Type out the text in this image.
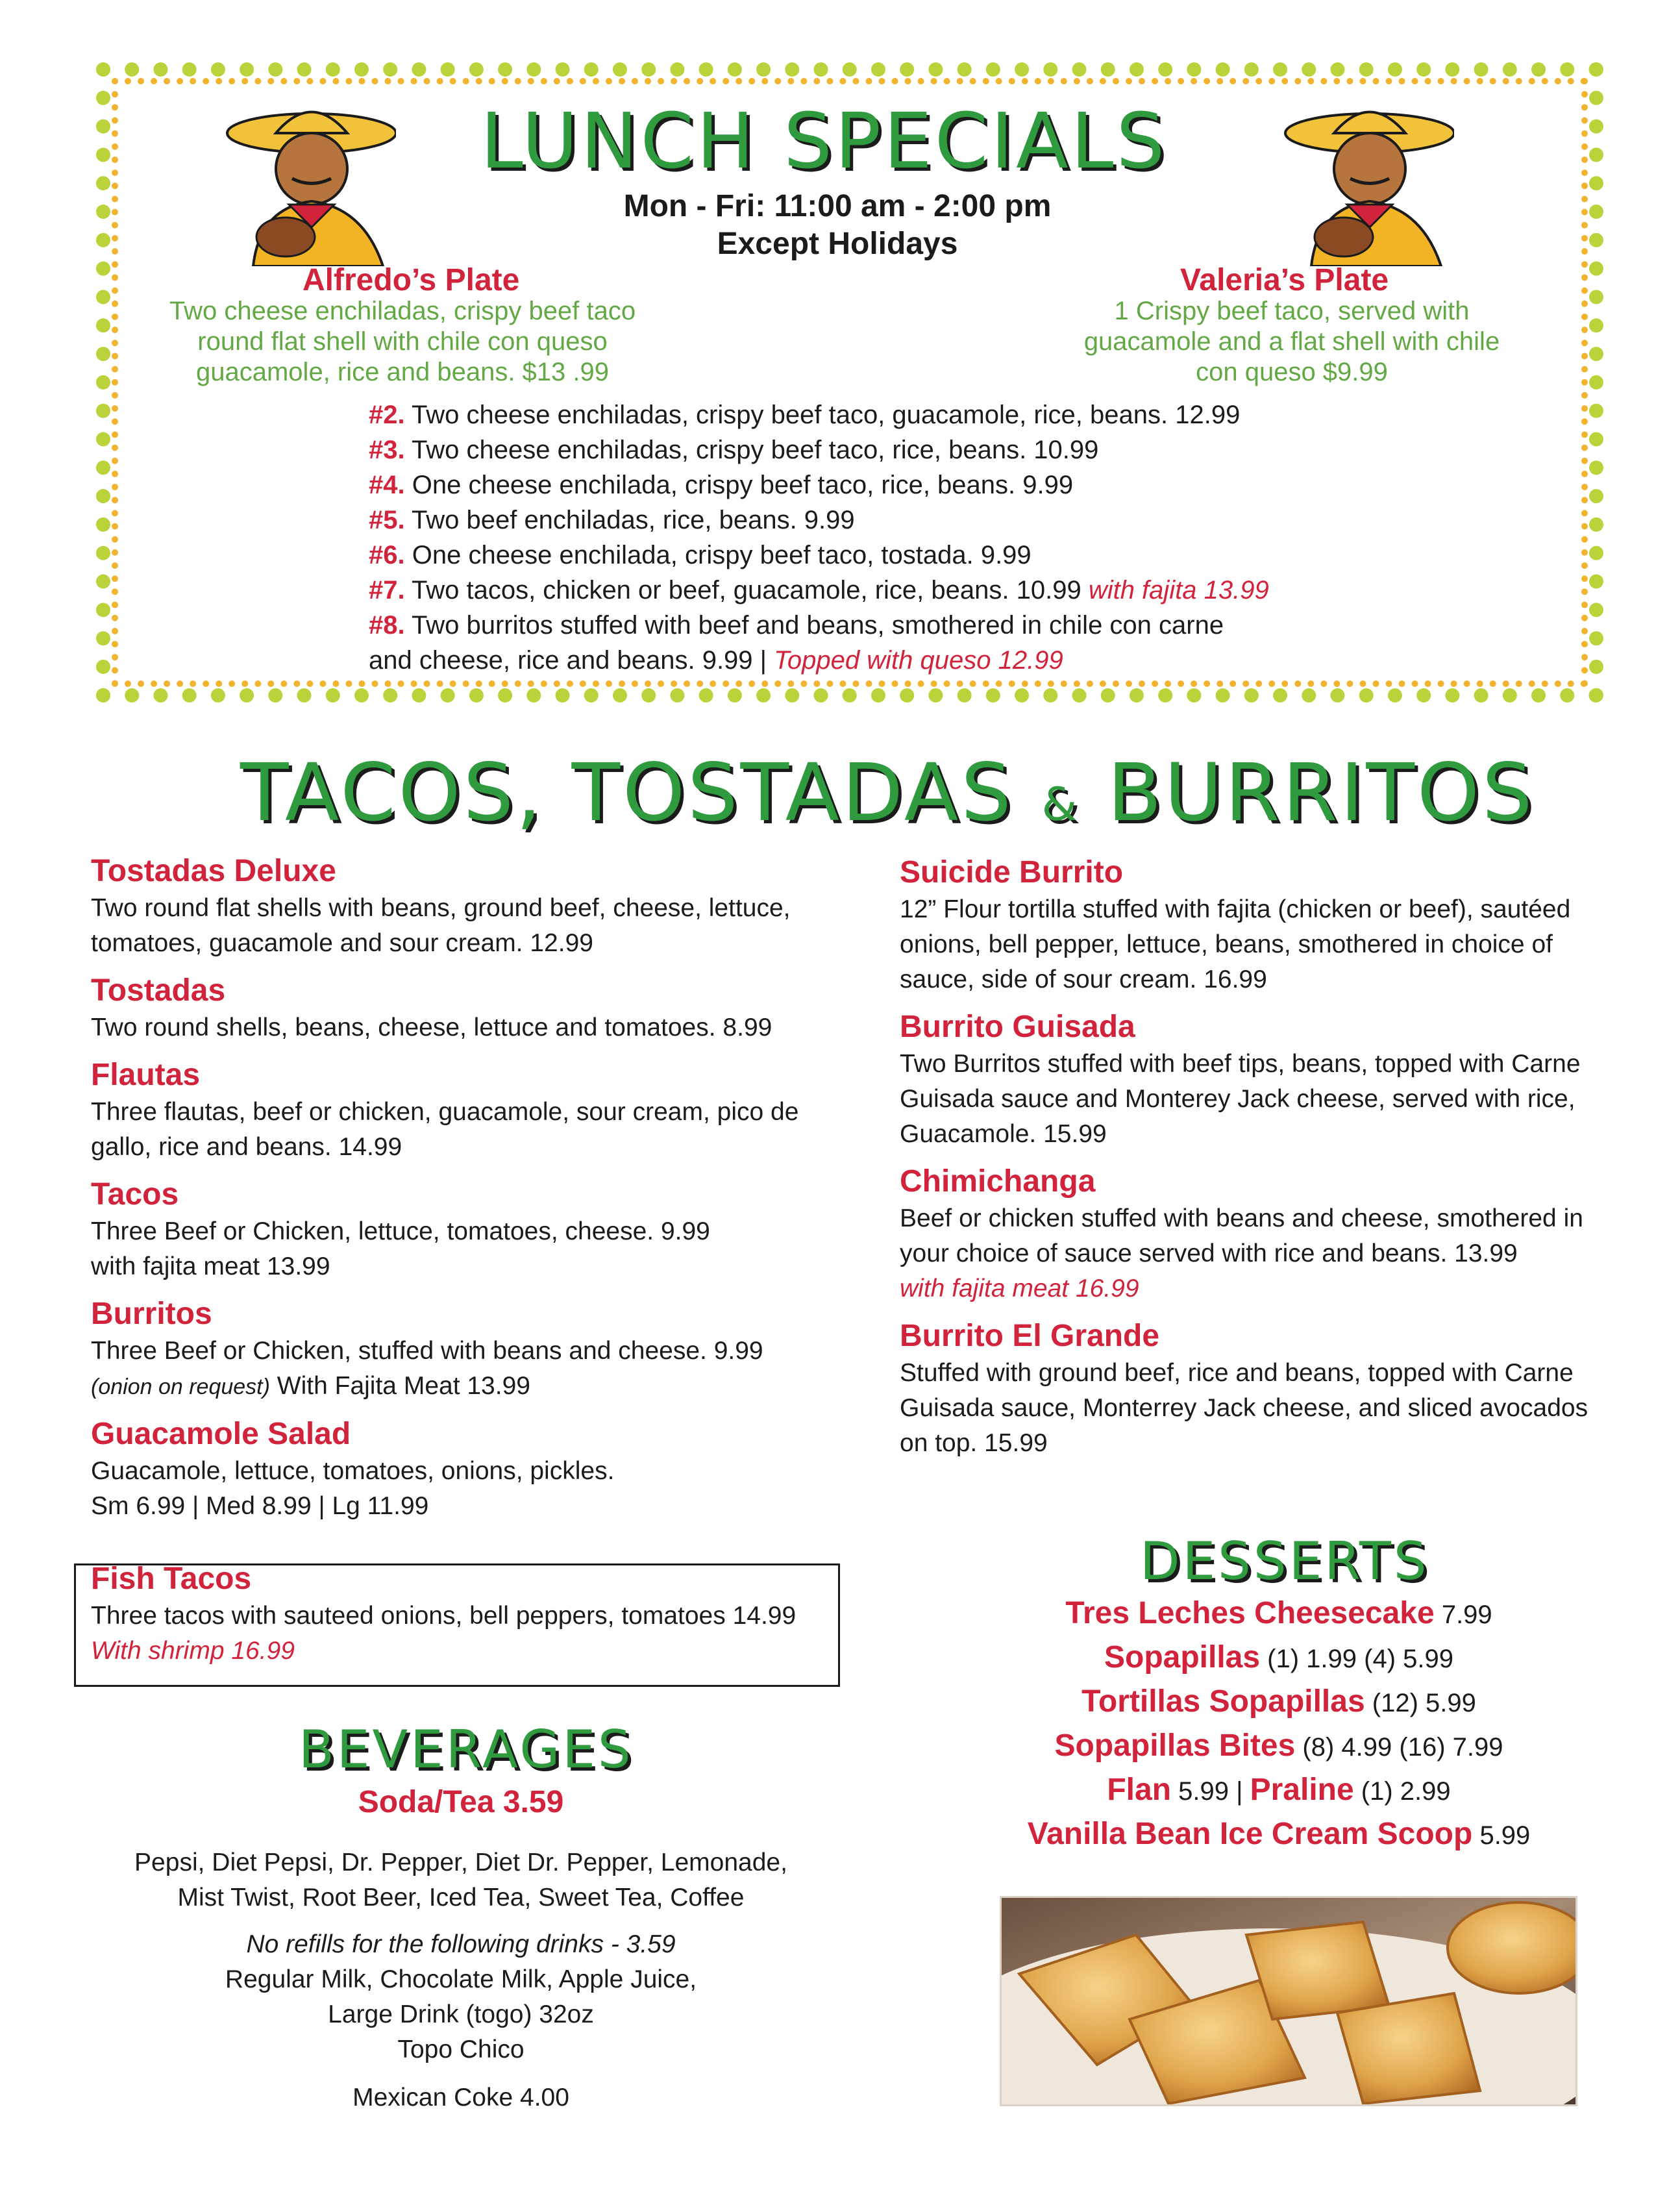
LUNCH SPECIALS
Mon - Fri: 11:00 am - 2:00 pm
Except Holidays
Alfredo’s Plate
Two cheese enchiladas, crispy beef taco
round flat shell with chile con queso
guacamole, rice and beans. $13 .99
Valeria’s Plate
1 Crispy beef taco, served with
guacamole and a flat shell with chile
con queso $9.99
#2. Two cheese enchiladas, crispy beef taco, guacamole, rice, beans. 12.99
#3. Two cheese enchiladas, crispy beef taco, rice, beans. 10.99
#4. One cheese enchilada, crispy beef taco, rice, beans. 9.99
#5. Two beef enchiladas, rice, beans. 9.99
#6. One cheese enchilada, crispy beef taco, tostada. 9.99
#7. Two tacos, chicken or beef, guacamole, rice, beans. 10.99 with fajita 13.99
#8. Two burritos stuffed with beef and beans, smothered in chile con carne
and cheese, rice and beans. 9.99 | Topped with queso 12.99
TACOS, TOSTADAS & BURRITOS
Tostadas Deluxe
Two round flat shells with beans, ground beef, cheese, lettuce,
tomatoes, guacamole and sour cream. 12.99
Tostadas
Two round shells, beans, cheese, lettuce and tomatoes. 8.99
Flautas
Three flautas, beef or chicken, guacamole, sour cream, pico de
gallo, rice and beans. 14.99
Tacos
Three Beef or Chicken, lettuce, tomatoes, cheese. 9.99
with fajita meat 13.99
Burritos
Three Beef or Chicken, stuffed with beans and cheese. 9.99
(onion on request) With Fajita Meat 13.99
Guacamole Salad
Guacamole, lettuce, tomatoes, onions, pickles.
Sm 6.99 | Med 8.99 | Lg 11.99
Fish Tacos
Three tacos with sauteed onions, bell peppers, tomatoes 14.99
With shrimp 16.99
Suicide Burrito
12” Flour tortilla stuffed with fajita (chicken or beef), sautéed
onions, bell pepper, lettuce, beans, smothered in choice of
sauce, side of sour cream. 16.99
Burrito Guisada
Two Burritos stuffed with beef tips, beans, topped with Carne
Guisada sauce and Monterey Jack cheese, served with rice,
Guacamole. 15.99
Chimichanga
Beef or chicken stuffed with beans and cheese, smothered in
your choice of sauce served with rice and beans. 13.99
with fajita meat 16.99
Burrito El Grande
Stuffed with ground beef, rice and beans, topped with Carne
Guisada sauce, Monterrey Jack cheese, and sliced avocados
on top. 15.99
DESSERTS
Tres Leches Cheesecake 7.99
Sopapillas (1) 1.99 (4) 5.99
Tortillas Sopapillas (12) 5.99
Sopapillas Bites (8) 4.99 (16) 7.99
Flan 5.99 | Praline (1) 2.99
Vanilla Bean Ice Cream Scoop 5.99
BEVERAGES
Soda/Tea 3.59
Pepsi, Diet Pepsi, Dr. Pepper, Diet Dr. Pepper, Lemonade,
Mist Twist, Root Beer, Iced Tea, Sweet Tea, Coffee
No refills for the following drinks - 3.59
Regular Milk, Chocolate Milk, Apple Juice,
Large Drink (togo) 32oz
Topo Chico
Mexican Coke 4.00
